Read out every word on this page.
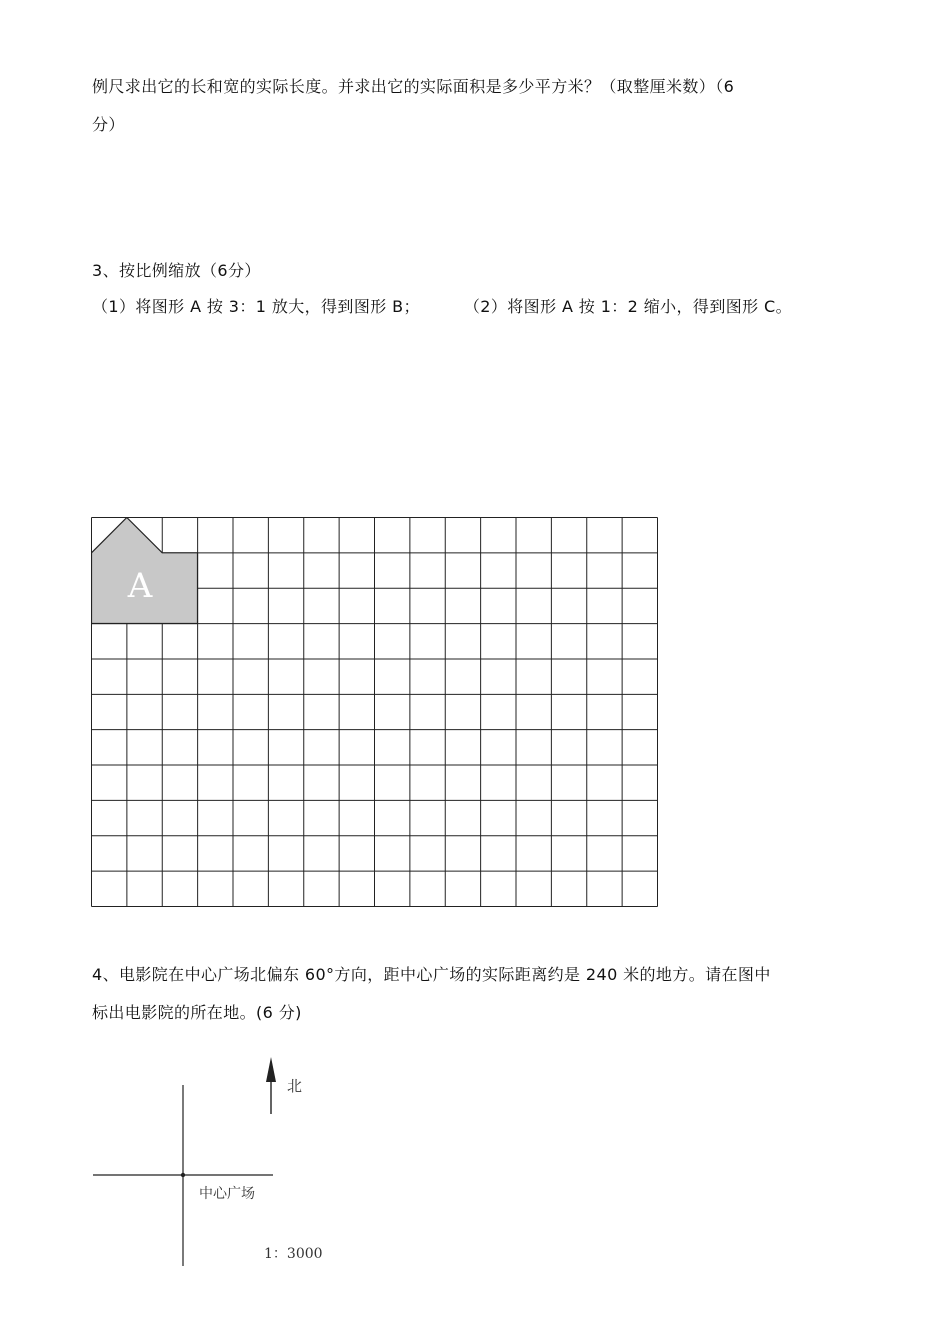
例尺求出它的长和宽的实际长度。并求出它的实际面积是多少平方米？（取整厘米数）（6
分）
3、按比例缩放（6分）
（1）将图形 A 按 3：1 放大，得到图形 B；	（2）将图形 A 按 1：2 缩小，得到图形 C。
A
4、电影院在中心广场北偏东 60°方向，距中心广场的实际距离约是 240 米的地方。请在图中
标出电影院的所在地。(6 分)
北
中心广场
1：3000
